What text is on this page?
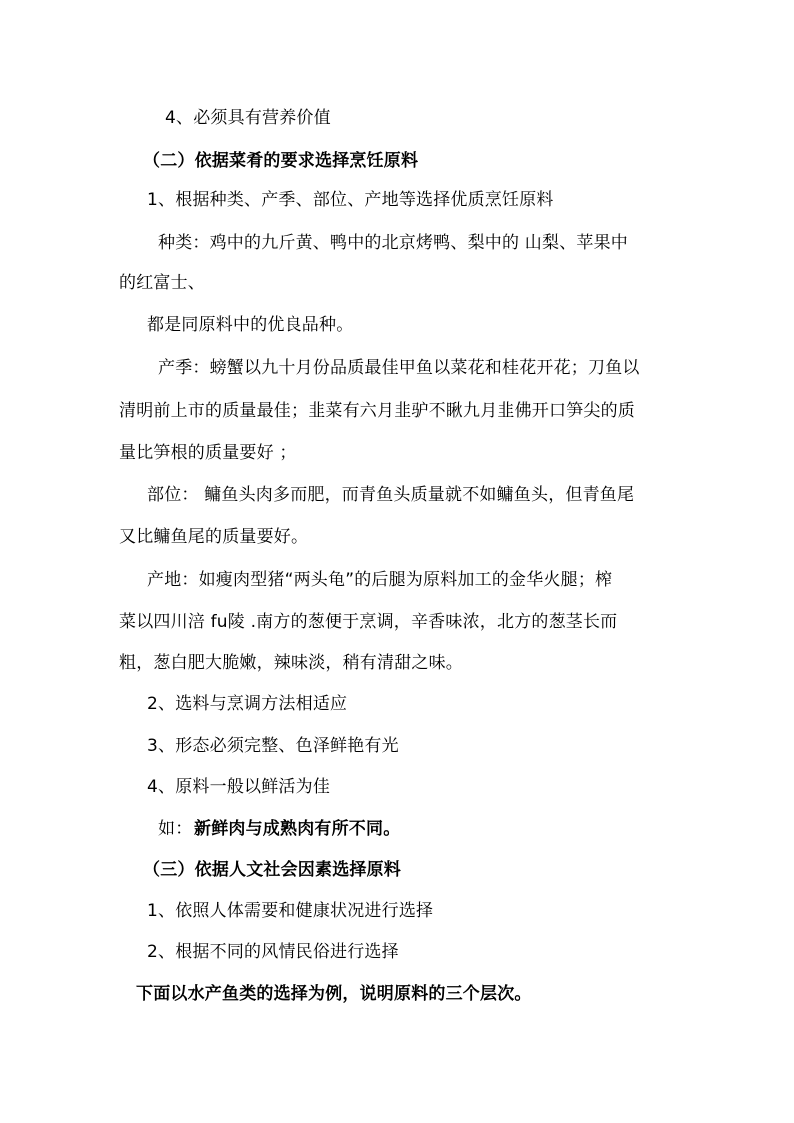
4、必须具有营养价值
（二）依据菜肴的要求选择烹饪原料
1、根据种类、产季、部位、产地等选择优质烹饪原料
种类：鸡中的九斤黄、鸭中的北京烤鸭、梨中的 山梨、苹果中
的红富士、
都是同原料中的优良品种。
产季：螃蟹以九十月份品质最佳甲鱼以菜花和桂花开花；刀鱼以
清明前上市的质量最佳；韭菜有六月韭驴不瞅九月韭佛开口笋尖的质
量比笋根的质量要好 ；
部位： 鳙鱼头肉多而肥，而青鱼头质量就不如鳙鱼头，但青鱼尾
又比鳙鱼尾的质量要好。
产地：如瘦肉型猪“两头龟”的后腿为原料加工的金华火腿；榨
菜以四川涪 fu陵 .南方的葱便于烹调，辛香味浓，北方的葱茎长而
粗，葱白肥大脆嫩，辣味淡，稍有清甜之味。
2、选料与烹调方法相适应
3、形态必须完整、色泽鲜艳有光
4、原料一般以鲜活为佳
如： 新鲜肉与成熟肉有所不同。
（三）依据人文社会因素选择原料
1、依照人体需要和健康状况进行选择
2、根据不同的风情民俗进行选择
下面以水产鱼类的选择为例，说明原料的三个层次。
